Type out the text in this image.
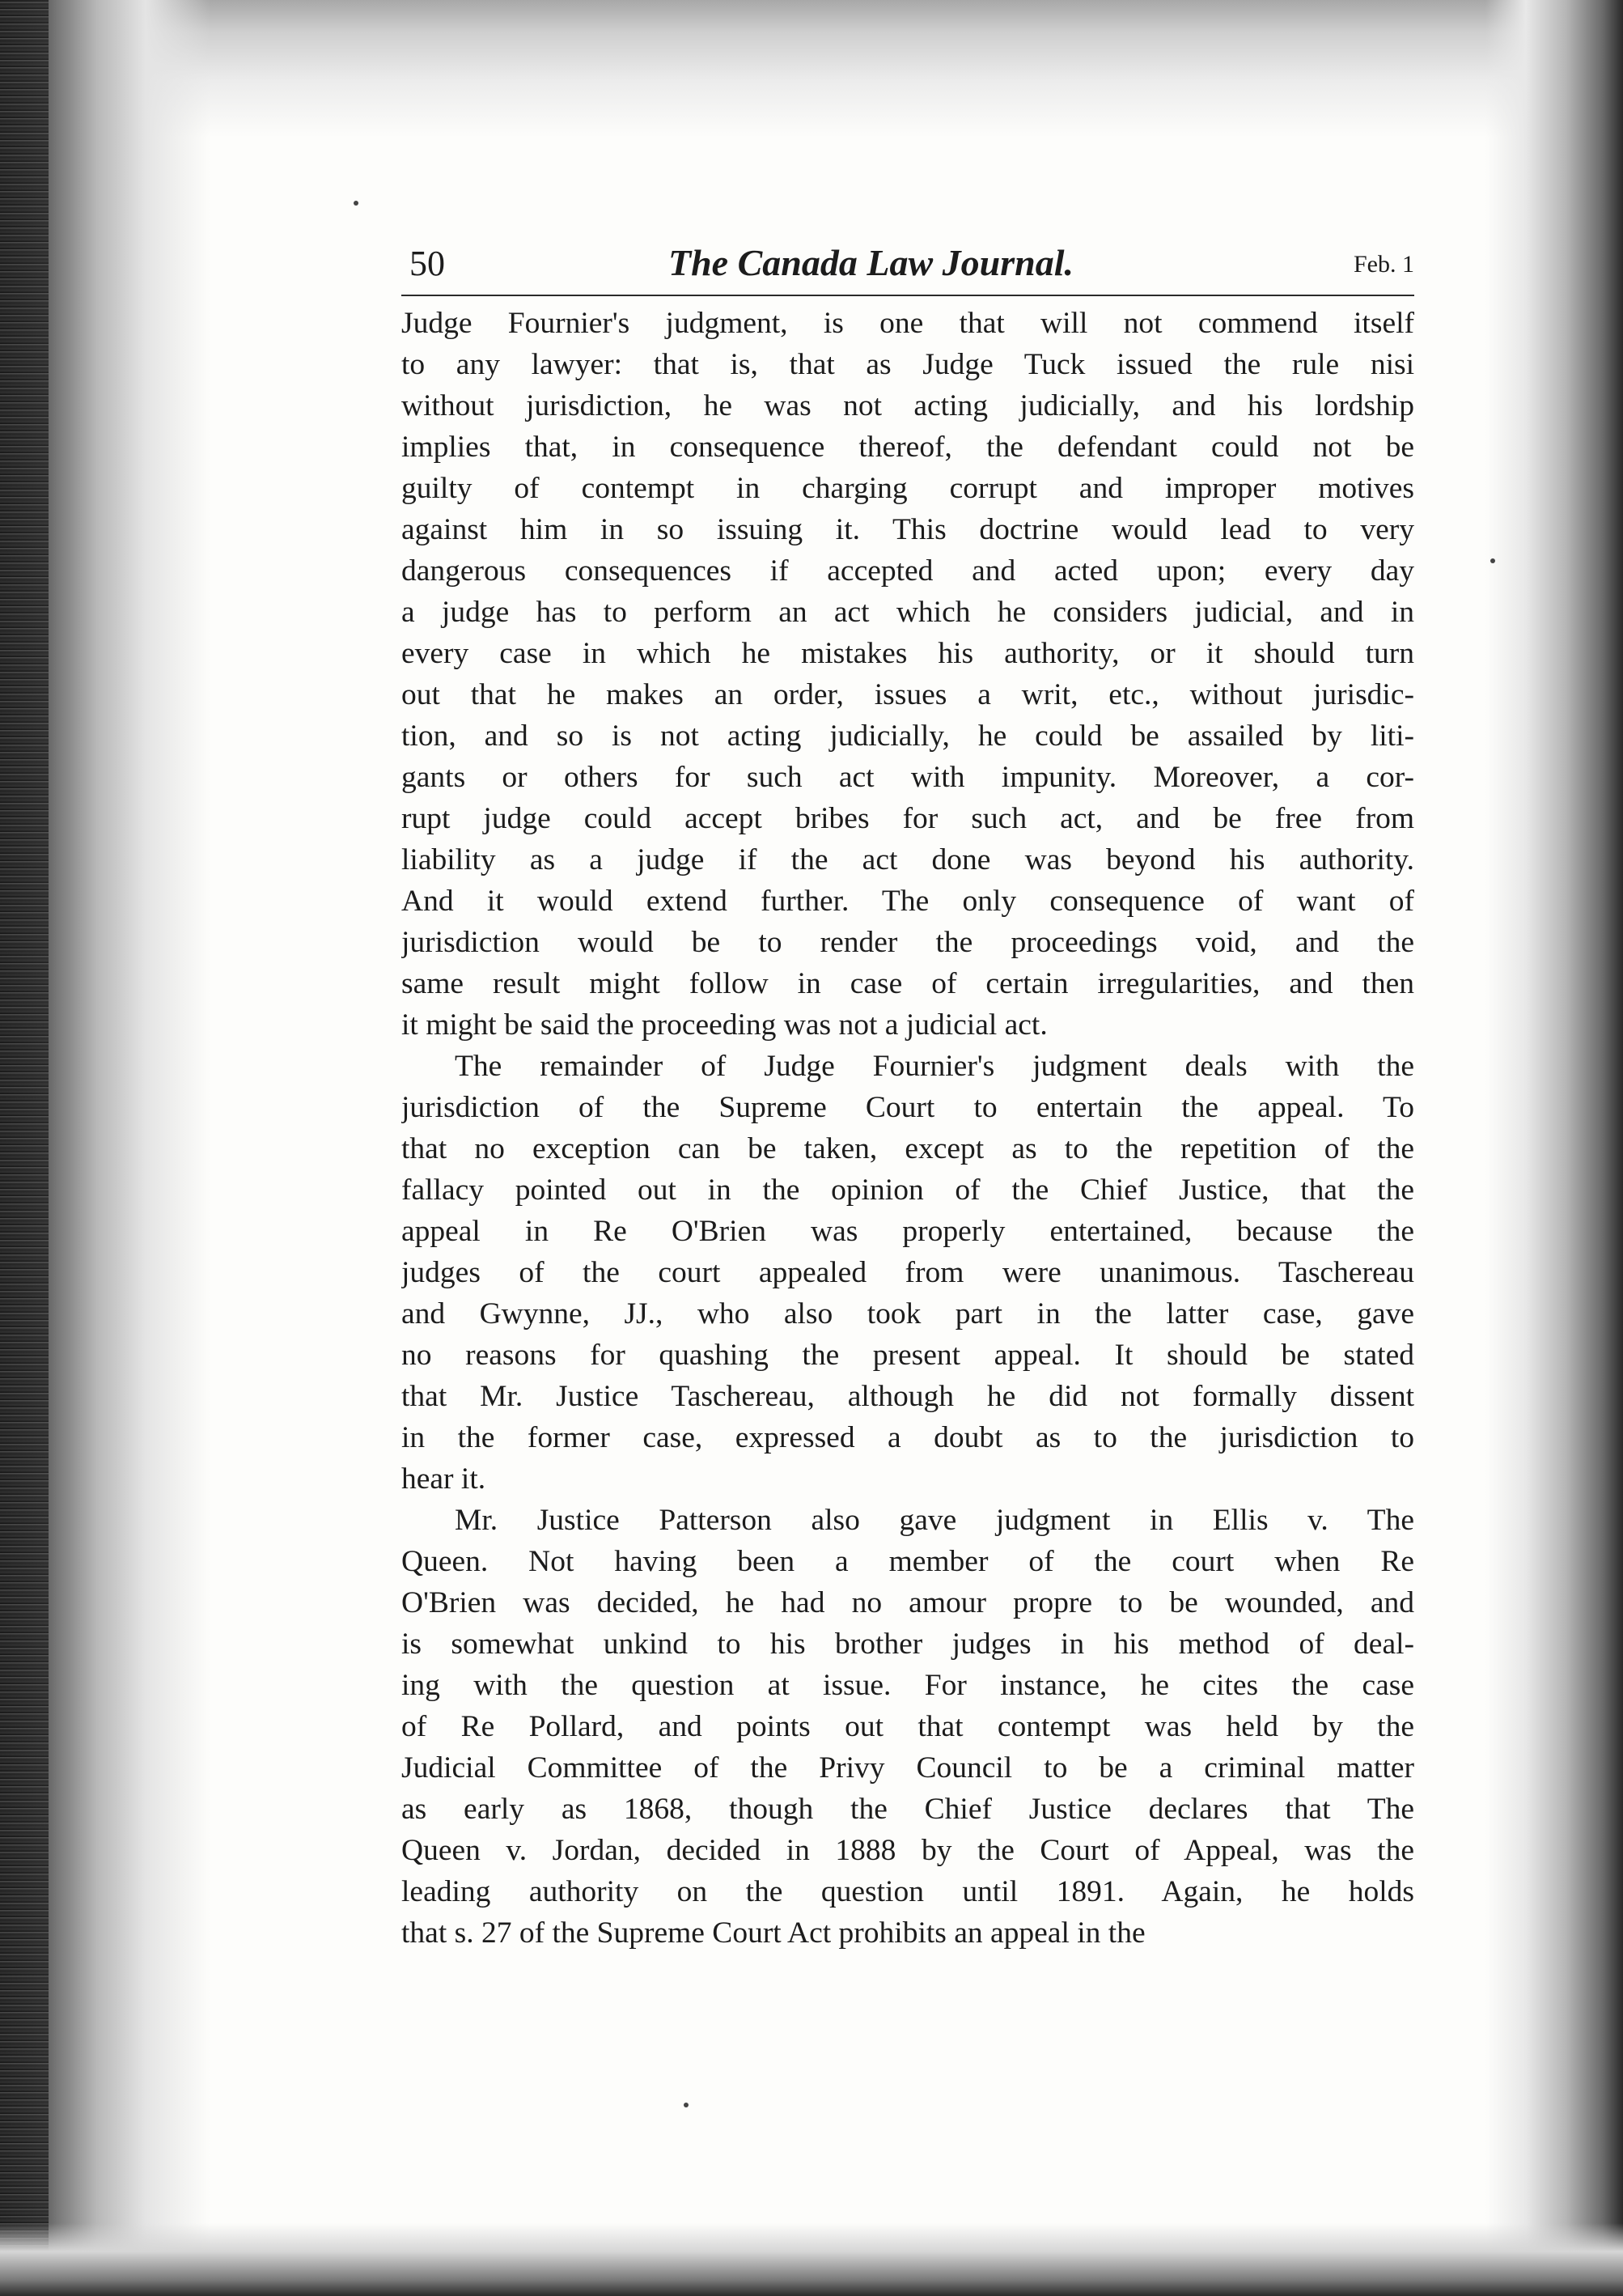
50	The Canada Law Journal.	Feb. 1
Judge Fournier's judgment, is one that will not commend itself
to any lawyer: that is, that as Judge Tuck issued the rule nisi
without jurisdiction, he was not acting judicially, and his lordship
implies that, in consequence thereof, the defendant could not be
guilty of contempt in charging corrupt and improper motives
against him in so issuing it. This doctrine would lead to very
dangerous consequences if accepted and acted upon; every day
a judge has to perform an act which he considers judicial, and in
every case in which he mistakes his authority, or it should turn
out that he makes an order, issues a writ, etc., without jurisdic-
tion, and so is not acting judicially, he could be assailed by liti-
gants or others for such act with impunity. Moreover, a cor-
rupt judge could accept bribes for such act, and be free from
liability as a judge if the act done was beyond his authority.
And it would extend further. The only consequence of want of
jurisdiction would be to render the proceedings void, and the
same result might follow in case of certain irregularities, and then
it might be said the proceeding was not a judicial act.
The remainder of Judge Fournier's judgment deals with the
jurisdiction of the Supreme Court to entertain the appeal. To
that no exception can be taken, except as to the repetition of the
fallacy pointed out in the opinion of the Chief Justice, that the
appeal in Re O'Brien was properly entertained, because the
judges of the court appealed from were unanimous. Taschereau
and Gwynne, JJ., who also took part in the latter case, gave
no reasons for quashing the present appeal. It should be stated
that Mr. Justice Taschereau, although he did not formally dissent
in the former case, expressed a doubt as to the jurisdiction to
hear it.
Mr. Justice Patterson also gave judgment in Ellis v. The
Queen. Not having been a member of the court when Re
O'Brien was decided, he had no amour propre to be wounded, and
is somewhat unkind to his brother judges in his method of deal-
ing with the question at issue. For instance, he cites the case
of Re Pollard, and points out that contempt was held by the
Judicial Committee of the Privy Council to be a criminal matter
as early as 1868, though the Chief Justice declares that The
Queen v. Jordan, decided in 1888 by the Court of Appeal, was the
leading authority on the question until 1891. Again, he holds
that s. 27 of the Supreme Court Act prohibits an appeal in the
